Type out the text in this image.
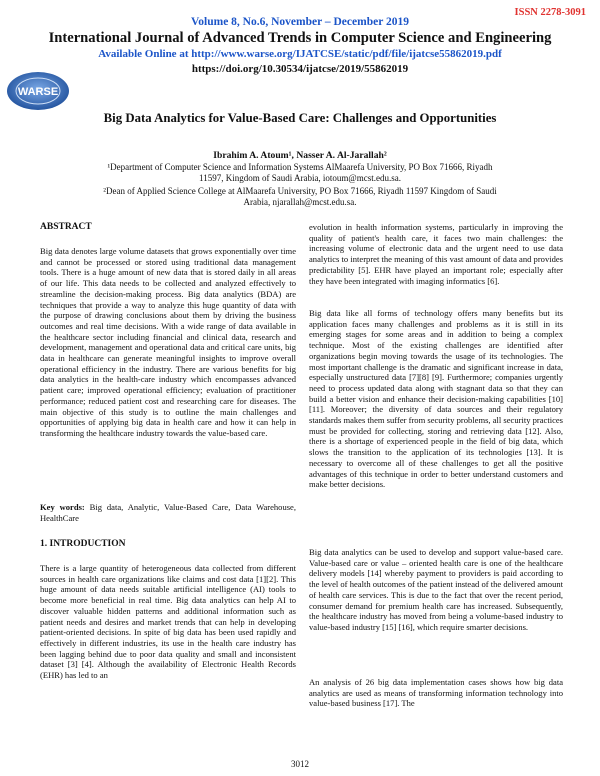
ISSN 2278-3091
Volume 8, No.6, November – December 2019
International Journal of Advanced Trends in Computer Science and Engineering
Available Online at http://www.warse.org/IJATCSE/static/pdf/file/ijatcse55862019.pdf
https://doi.org/10.30534/ijatcse/2019/55862019
WARSE
Big Data Analytics for Value-Based Care: Challenges and Opportunities
Ibrahim A. Atoum¹, Nasser A. Al-Jarallah²
¹Department of Computer Science and Information Systems AlMaarefa University, PO Box 71666, Riyadh 11597, Kingdom of Saudi Arabia, iotoum@mcst.edu.sa.
²Dean of Applied Science College at AlMaarefa University, PO Box 71666, Riyadh 11597 Kingdom of Saudi Arabia, njarallah@mcst.edu.sa.
ABSTRACT
Big data denotes large volume datasets that grows exponentially over time and cannot be processed or stored using traditional data management tools. There is a huge amount of new data that is stored daily in all areas of our life. This data needs to be collected and analyzed effectively to streamline the decision-making process. Big data analytics (BDA) are techniques that provide a way to analyze this huge quantity of data with the purpose of drawing conclusions about them by driving the business outcomes and real time decisions. With a wide range of data available in the healthcare sector including financial and clinical data, research and development, management and operational data and critical care units, big data in healthcare can generate meaningful insights to improve overall operational efficiency in the industry. There are various benefits for big data analytics in the health-care industry which encompasses advanced patient care; improved operational efficiency; evaluation of practitioner performance; reduced patient cost and researching care for diseases. The main objective of this study is to outline the main challenges and opportunities of applying big data in health care and how it can help in transforming the healthcare industry towards the value-based care.
Key words: Big data, Analytic, Value-Based Care, Data Warehouse, HealthCare
1. INTRODUCTION
There is a large quantity of heterogeneous data collected from different sources in health care organizations like claims and cost data [1][2]. This huge amount of data needs suitable artificial intelligence (AI) tools to become more beneficial in real time. Big data analytics can help AI to discover valuable hidden patterns and additional information such as patient needs and desires and market trends that can help in developing patient-oriented decisions. In spite of big data has been used rapidly and effectively in different industries, its use in the health care industry has been lagging behind due to poor data quality and small and inconsistent dataset [3] [4]. Although the availability of Electronic Health Records (EHR) has led to an
evolution in health information systems, particularly in improving the quality of patient's health care, it faces two main challenges: the increasing volume of electronic data and the urgent need to use data analytics to interpret the meaning of this vast amount of data and provides predictability [5]. EHR have played an important role; especially after they have been integrated with imaging informatics [6].
Big data like all forms of technology offers many benefits but its application faces many challenges and problems as it is still in its emerging stages for some areas and in addition to being a complex technique. Most of the existing challenges are identified after organizations begin moving towards the usage of its technologies. The most important challenge is the dramatic and significant increase in data, especially unstructured data [7][8] [9]. Furthermore; companies urgently need to process updated data along with stagnant data so that they can build a better vision and enhance their decision-making capabilities [10] [11]. Moreover; the diversity of data sources and their regulatory standards makes them suffer from security problems, all security practices must be provided for collecting, storing and retrieving data [12]. Also, there is a shortage of experienced people in the field of big data, which slows the transition to the application of its technologies [13]. It is necessary to overcome all of these challenges to get all the positive advantages of this technique in order to better understand customers and make better decisions.
Big data analytics can be used to develop and support value-based care. Value-based care or value – oriented health care is one of the healthcare delivery models [14] whereby payment to providers is paid according to the level of health outcomes of the patient instead of the delivered amount of health care services. This is due to the fact that over the recent period, consumer demand for premium health care has increased. Subsequently, the healthcare industry has moved from being a volume-based industry to value-based industry [15] [16], which require smarter decisions.
An analysis of 26 big data implementation cases shows how big data analytics are used as means of transforming information technology into value-based business [17]. The
3012
